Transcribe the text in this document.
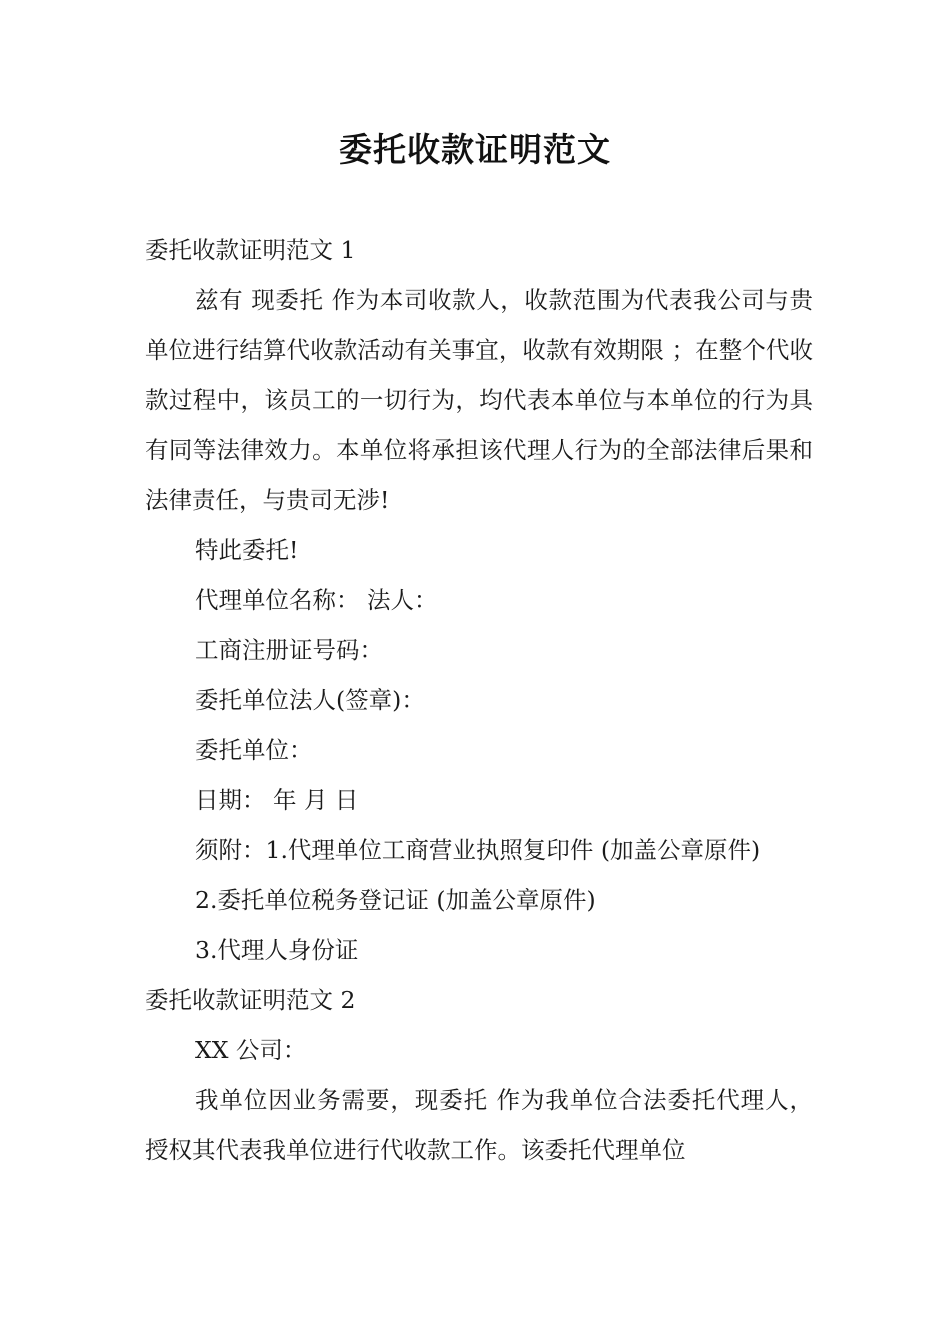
委托收款证明范文

委托收款证明范文 1

兹有 现委托 作为本司收款人，收款范围为代表我公司与贵单位进行结算代收款活动有关事宜，收款有效期限 ；在整个代收款过程中，该员工的一切行为，均代表本单位与本单位的行为具有同等法律效力。本单位将承担该代理人行为的全部法律后果和法律责任，与贵司无涉!

特此委托!

代理单位名称： 法人：

工商注册证号码：

委托单位法人(签章)：

委托单位：

日期： 年 月 日

须附：1.代理单位工商营业执照复印件 (加盖公章原件)

2.委托单位税务登记证 (加盖公章原件)

3.代理人身份证

委托收款证明范文 2

XX 公司：

我单位因业务需要，现委托 作为我单位合法委托代理人，授权其代表我单位进行代收款工作。该委托代理单位
